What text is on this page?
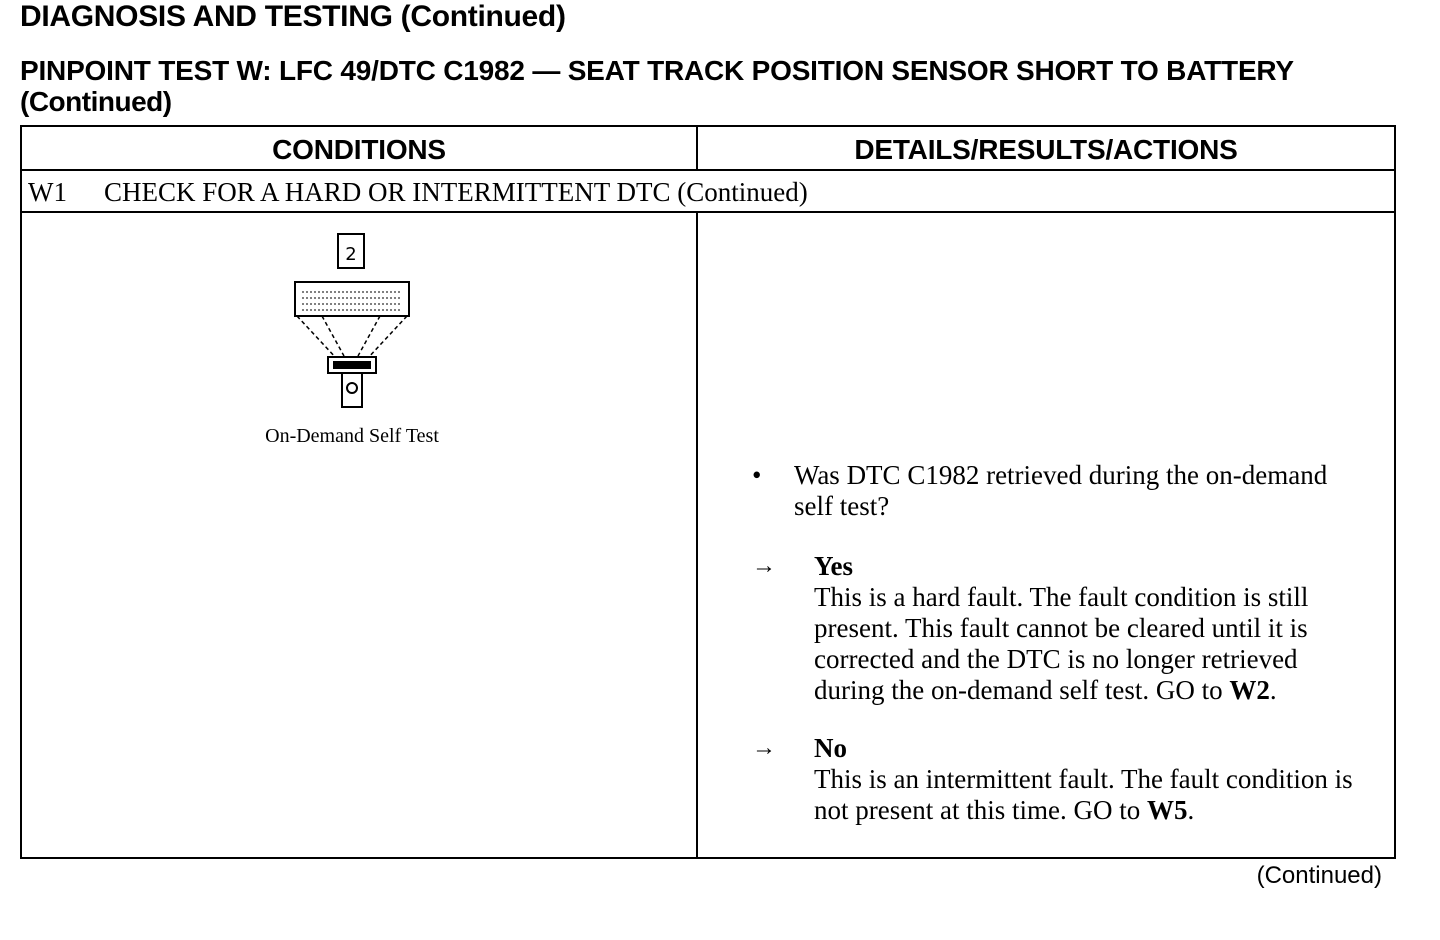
DIAGNOSIS AND TESTING (Continued)
PINPOINT TEST W: LFC 49/DTC C1982 — SEAT TRACK POSITION SENSOR SHORT TO BATTERY (Continued)
CONDITIONS	DETAILS/RESULTS/ACTIONS
W1 CHECK FOR A HARD OR INTERMITTENT DTC (Continued)
2
On-Demand Self Test
• Was DTC C1982 retrieved during the on-demand self test?
→ Yes
This is a hard fault. The fault condition is still present. This fault cannot be cleared until it is corrected and the DTC is no longer retrieved during the on-demand self test. GO to W2.
→ No
This is an intermittent fault. The fault condition is not present at this time. GO to W5.
(Continued)
